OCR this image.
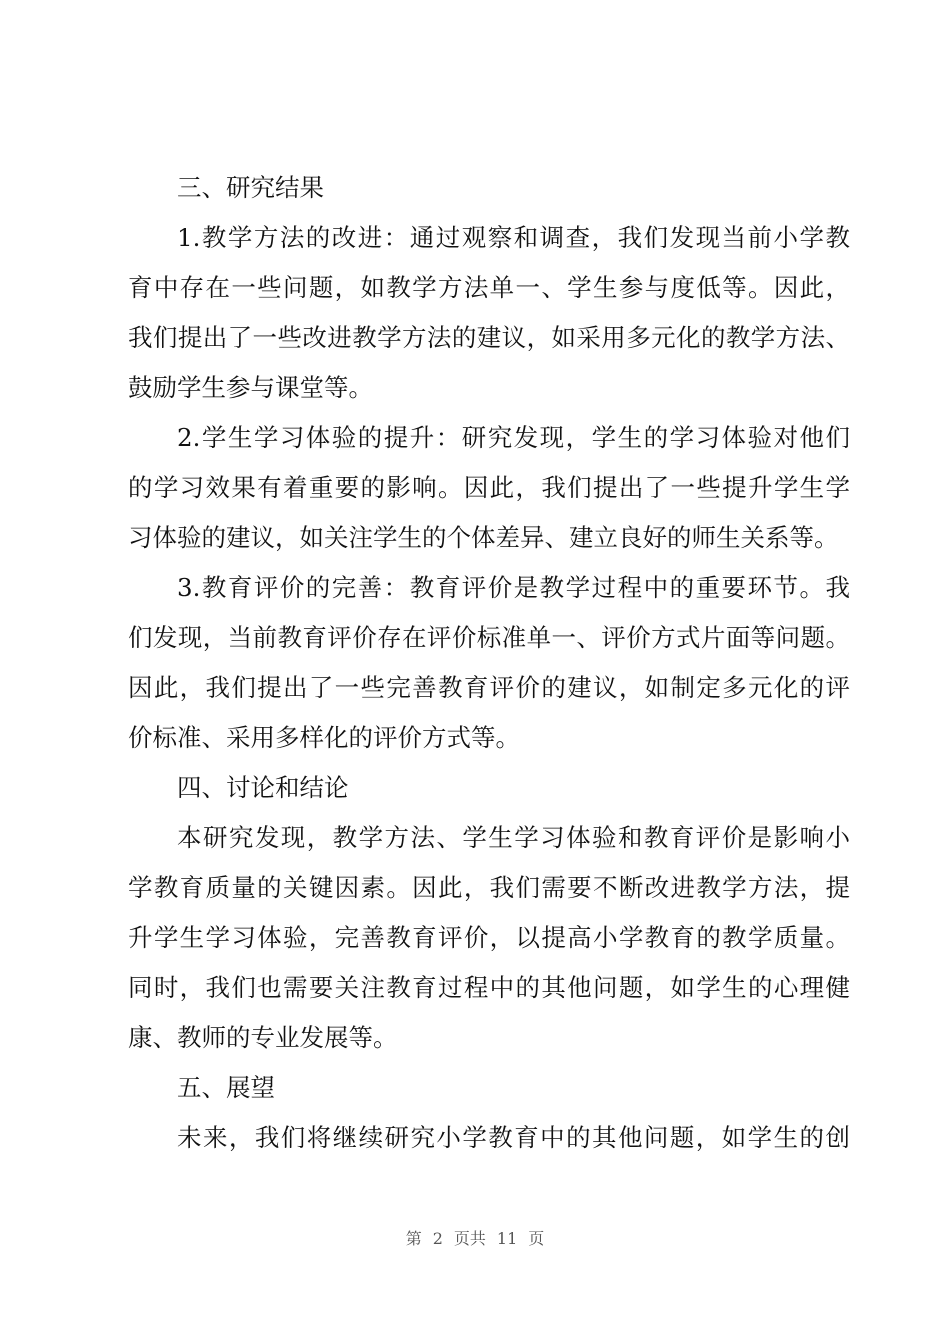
三、研究结果
1.教学方法的改进：通过观察和调查，我们发现当前小学教
育中存在一些问题，如教学方法单一、学生参与度低等。因此，
我们提出了一些改进教学方法的建议，如采用多元化的教学方法、
鼓励学生参与课堂等。
2.学生学习体验的提升：研究发现，学生的学习体验对他们
的学习效果有着重要的影响。因此，我们提出了一些提升学生学
习体验的建议，如关注学生的个体差异、建立良好的师生关系等。
3.教育评价的完善：教育评价是教学过程中的重要环节。我
们发现，当前教育评价存在评价标准单一、评价方式片面等问题。
因此，我们提出了一些完善教育评价的建议，如制定多元化的评
价标准、采用多样化的评价方式等。
四、讨论和结论
本研究发现，教学方法、学生学习体验和教育评价是影响小
学教育质量的关键因素。因此，我们需要不断改进教学方法，提
升学生学习体验，完善教育评价，以提高小学教育的教学质量。
同时，我们也需要关注教育过程中的其他问题，如学生的心理健
康、教师的专业发展等。
五、展望
未来，我们将继续研究小学教育中的其他问题，如学生的创
第 2 页共 11 页
